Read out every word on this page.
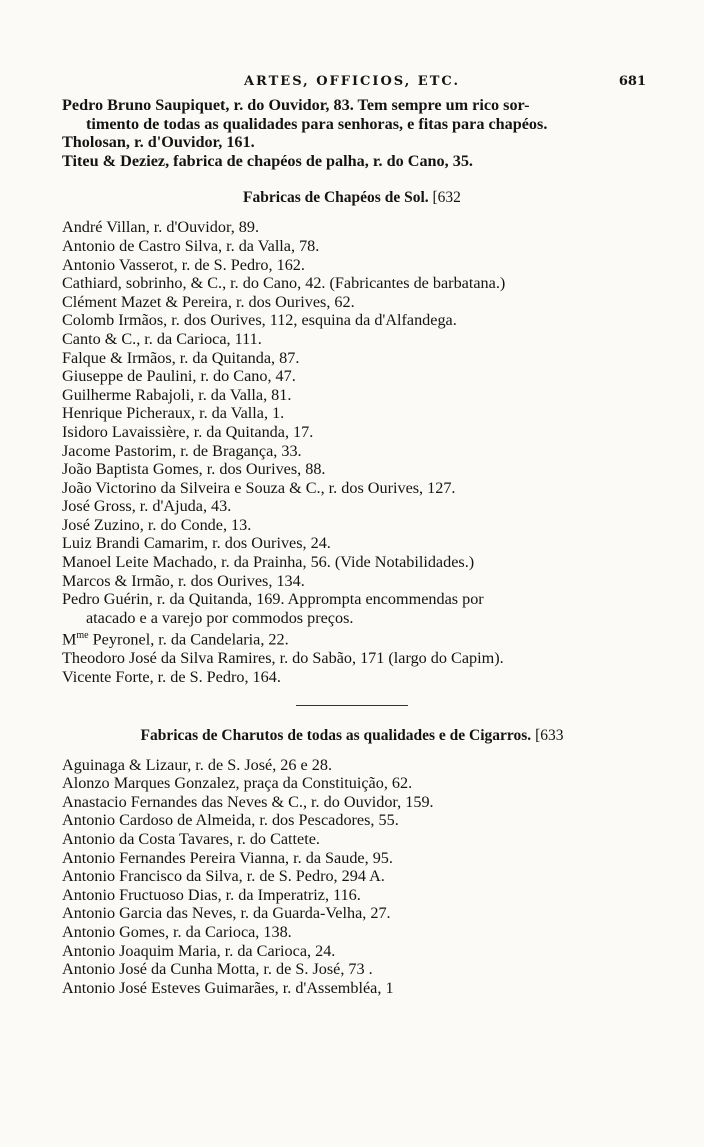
ARTES, OFFICIOS, ETC.	681
Pedro Bruno Saupiquet, r. do Ouvidor, 83. Tem sempre um rico sor-
timento de todas as qualidades para senhoras, e fitas para chapéos.
Tholosan, r. d'Ouvidor, 161.
Titeu & Deziez, fabrica de chapéos de palha, r. do Cano, 35.
Fabricas de Chapéos de Sol. [632
André Villan, r. d'Ouvidor, 89.
Antonio de Castro Silva, r. da Valla, 78.
Antonio Vasserot, r. de S. Pedro, 162.
Cathiard, sobrinho, & C., r. do Cano, 42. (Fabricantes de barbatana.)
Clément Mazet & Pereira, r. dos Ourives, 62.
Colomb Irmãos, r. dos Ourives, 112, esquina da d'Alfandega.
Canto & C., r. da Carioca, 111.
Falque & Irmãos, r. da Quitanda, 87.
Giuseppe de Paulini, r. do Cano, 47.
Guilherme Rabajoli, r. da Valla, 81.
Henrique Picheraux, r. da Valla, 1.
Isidoro Lavaissière, r. da Quitanda, 17.
Jacome Pastorim, r. de Bragança, 33.
João Baptista Gomes, r. dos Ourives, 88.
João Victorino da Silveira e Souza & C., r. dos Ourives, 127.
José Gross, r. d'Ajuda, 43.
José Zuzino, r. do Conde, 13.
Luiz Brandi Camarim, r. dos Ourives, 24.
Manoel Leite Machado, r. da Prainha, 56. (Vide Notabilidades.)
Marcos & Irmão, r. dos Ourives, 134.
Pedro Guérin, r. da Quitanda, 169. Apprompta encommendas por
atacado e a varejo por commodos preços.
$M^{me}$ Peyronel, r. da Candelaria, 22.
Theodoro José da Silva Ramires, r. do Sabão, 171 (largo do Capim).
Vicente Forte, r. de S. Pedro, 164.
Fabricas de Charutos de todas as qualidades e de Cigarros. [633
Aguinaga & Lizaur, r. de S. José, 26 e 28.
Alonzo Marques Gonzalez, praça da Constituição, 62.
Anastacio Fernandes das Neves & C., r. do Ouvidor, 159.
Antonio Cardoso de Almeida, r. dos Pescadores, 55.
Antonio da Costa Tavares, r. do Cattete.
Antonio Fernandes Pereira Vianna, r. da Saude, 95.
Antonio Francisco da Silva, r. de S. Pedro, 294 A.
Antonio Fructuoso Dias, r. da Imperatriz, 116.
Antonio Garcia das Neves, r. da Guarda-Velha, 27.
Antonio Gomes, r. da Carioca, 138.
Antonio Joaquim Maria, r. da Carioca, 24.
Antonio José da Cunha Motta, r. de S. José, 73 .
Antonio José Esteves Guimarães, r. d'Assembléa, 1
